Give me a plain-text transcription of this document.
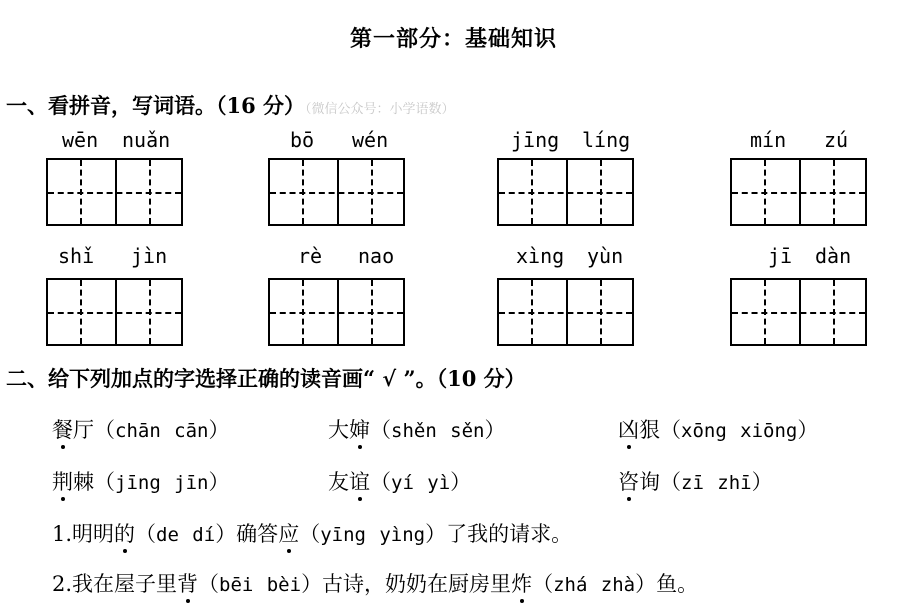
第一部分：基础知识
一、看拼音，写词语。（16 分）（微信公众号：小学语数）
wēn nuǎn	bō wén	jīng líng	mín zú
shǐ jìn	rè nao	xìng yùn	jī dàn
二、给下列加点的字选择正确的读音画“ √ ”。（10 分）
餐厅（chān cān）	大婶（shěn sěn）	凶狠（xōng xiōng）
荆棘（jīng jīn）	友谊（yí yì）	咨询（zī zhī）
1.明明的（de dí）确答应（yīng yìng）了我的请求。
2.我在屋子里背（bēi bèi）古诗，奶奶在厨房里炸（zhá zhà）鱼。
